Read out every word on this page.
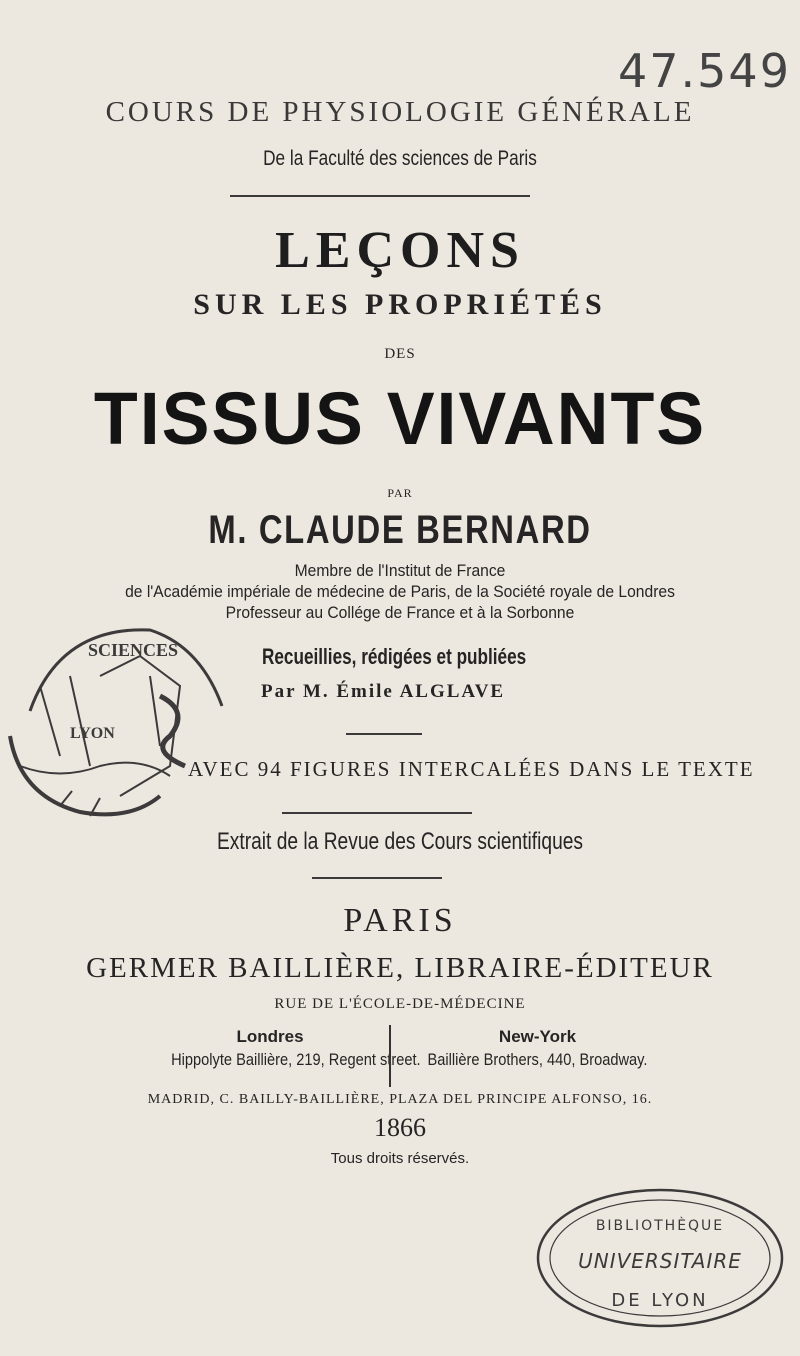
47.549
COURS DE PHYSIOLOGIE GÉNÉRALE
De la Faculté des sciences de Paris
LEÇONS
SUR LES PROPRIÉTÉS
DES
TISSUS VIVANTS
PAR
M. CLAUDE BERNARD
Membre de l'Institut de France
de l'Académie impériale de médecine de Paris, de la Société royale de Londres
Professeur au Collége de France et à la Sorbonne
SCIENCES
LYON
Recueillies, rédigées et publiées
Par M. Émile ALGLAVE
AVEC 94 FIGURES INTERCALÉES DANS LE TEXTE
Extrait de la Revue des Cours scientifiques
PARIS
GERMER BAILLIÈRE, LIBRAIRE-ÉDITEUR
RUE DE L'ÉCOLE-DE-MÉDECINE
Londres
Hippolyte Baillière, 219, Regent street.
New-York
Baillière Brothers, 440, Broadway.
MADRID, C. BAILLY-BAILLIÈRE, PLAZA DEL PRINCIPE ALFONSO, 16.
1866
Tous droits réservés.
BIBLIOTHÈQUE
UNIVERSITAIRE
DE LYON
